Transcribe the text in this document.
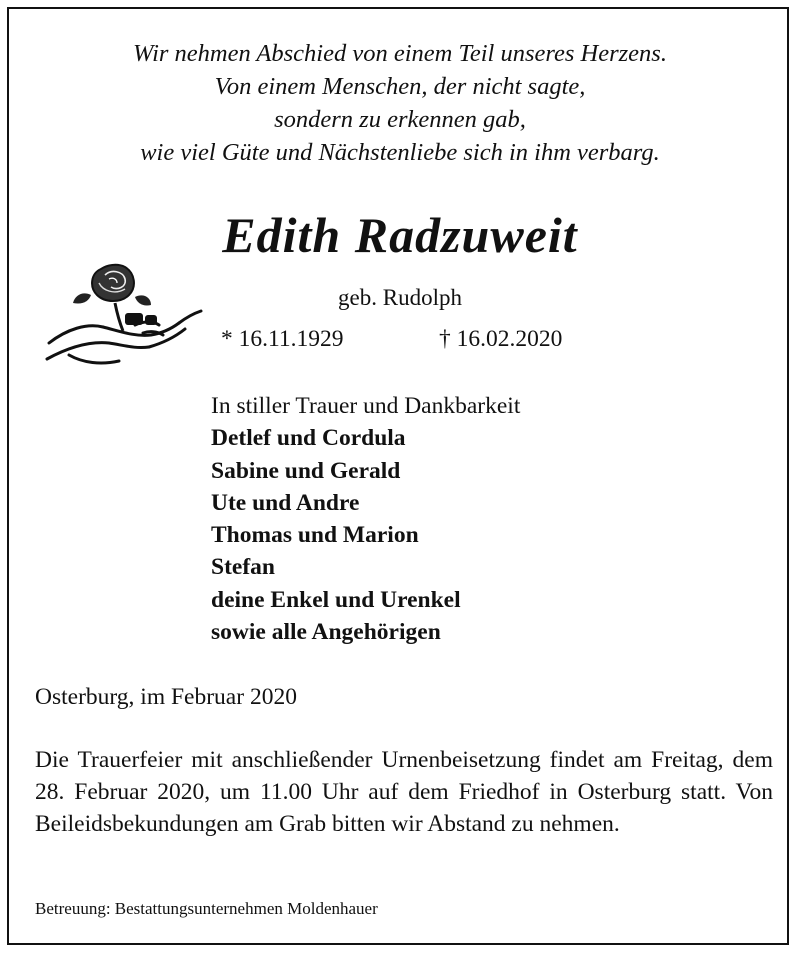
Wir nehmen Abschied von einem Teil unseres Herzens.
Von einem Menschen, der nicht sagte,
sondern zu erkennen gab,
wie viel Güte und Nächstenliebe sich in ihm verbarg.
Edith Radzuweit
geb. Rudolph
* 16.11.1929	† 16.02.2020
In stiller Trauer und Dankbarkeit
Detlef und Cordula
Sabine und Gerald
Ute und Andre
Thomas und Marion
Stefan
deine Enkel und Urenkel
sowie alle Angehörigen
Osterburg, im Februar 2020
Die Trauerfeier mit anschließender Urnenbeisetzung findet am Freitag, dem 28. Februar 2020, um 11.00 Uhr auf dem Friedhof in Osterburg statt. Von Beileidsbekundungen am Grab bitten wir Abstand zu nehmen.
Betreuung: Bestattungsunternehmen Moldenhauer
